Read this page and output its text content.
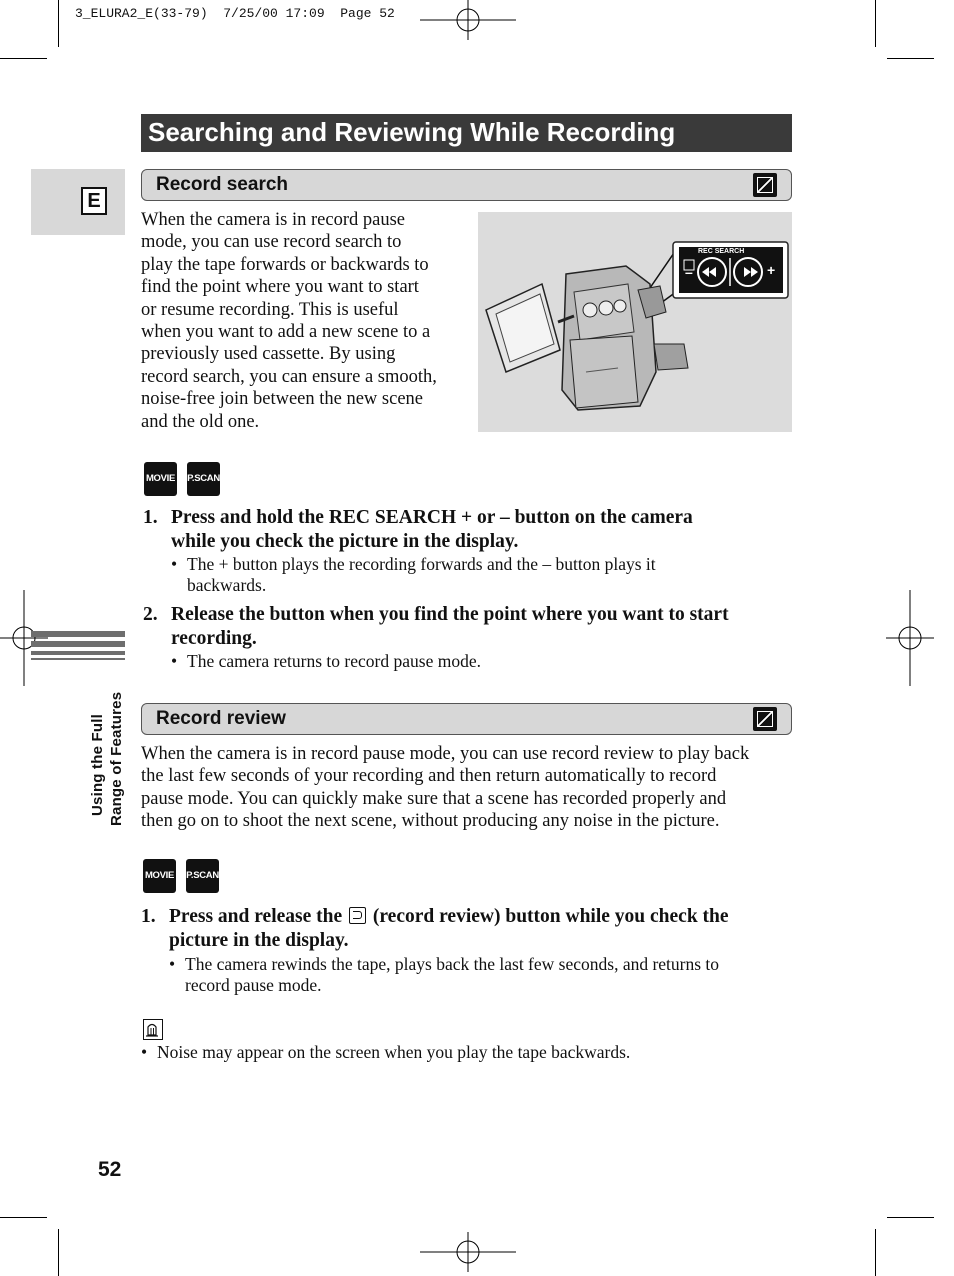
3_ELURA2_E(33-79)  7/25/00 17:09  Page 52
Searching and Reviewing While Recording
E
Using the Full Range of Features
Record search
When the camera is in record pause
mode, you can use record search to
play the tape forwards or backwards to
find the point where you want to start
or resume recording. This is useful
when you want to add a new scene to a
previously used cassette. By using
record search, you can ensure a smooth,
noise-free join between the new scene
and the old one.
REC SEARCH
–	+
MOVIE P.SCAN
1. Press and hold the REC SEARCH + or – button on the camera
while you check the picture in the display.
• The + button plays the recording forwards and the – button plays it
backwards.
2. Release the button when you find the point where you want to start
recording.
• The camera returns to record pause mode.
Record review
When the camera is in record pause mode, you can use record review to play back
the last few seconds of your recording and then return automatically to record
pause mode. You can quickly make sure that a scene has recorded properly and
then go on to shoot the next scene, without producing any noise in the picture.
MOVIE P.SCAN
1. Press and release the (record review) button while you check the
picture in the display.
• The camera rewinds the tape, plays back the last few seconds, and returns to
record pause mode.
• Noise may appear on the screen when you play the tape backwards.
52
